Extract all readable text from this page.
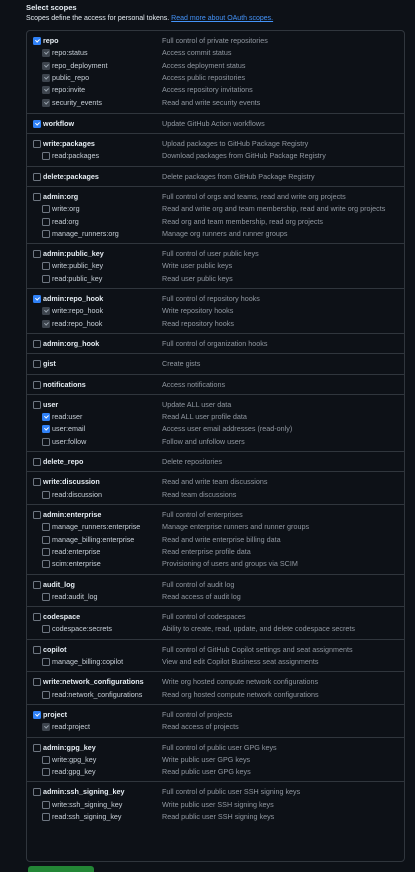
Select scopes
Scopes define the access for personal tokens. Read more about OAuth scopes.
repo	Full control of private repositories
repo:status	Access commit status
repo_deployment	Access deployment status
public_repo	Access public repositories
repo:invite	Access repository invitations
security_events	Read and write security events
workflow	Update GitHub Action workflows
write:packages	Upload packages to GitHub Package Registry
read:packages	Download packages from GitHub Package Registry
delete:packages	Delete packages from GitHub Package Registry
admin:org	Full control of orgs and teams, read and write org projects
write:org	Read and write org and team membership, read and write org projects
read:org	Read org and team membership, read org projects
manage_runners:org	Manage org runners and runner groups
admin:public_key	Full control of user public keys
write:public_key	Write user public keys
read:public_key	Read user public keys
admin:repo_hook	Full control of repository hooks
write:repo_hook	Write repository hooks
read:repo_hook	Read repository hooks
admin:org_hook	Full control of organization hooks
gist	Create gists
notifications	Access notifications
user	Update ALL user data
read:user	Read ALL user profile data
user:email	Access user email addresses (read-only)
user:follow	Follow and unfollow users
delete_repo	Delete repositories
write:discussion	Read and write team discussions
read:discussion	Read team discussions
admin:enterprise	Full control of enterprises
manage_runners:enterprise	Manage enterprise runners and runner groups
manage_billing:enterprise	Read and write enterprise billing data
read:enterprise	Read enterprise profile data
scim:enterprise	Provisioning of users and groups via SCIM
audit_log	Full control of audit log
read:audit_log	Read access of audit log
codespace	Full control of codespaces
codespace:secrets	Ability to create, read, update, and delete codespace secrets
copilot	Full control of GitHub Copilot settings and seat assignments
manage_billing:copilot	View and edit Copilot Business seat assignments
write:network_configurations	Write org hosted compute network configurations
read:network_configurations	Read org hosted compute network configurations
project	Full control of projects
read:project	Read access of projects
admin:gpg_key	Full control of public user GPG keys
write:gpg_key	Write public user GPG keys
read:gpg_key	Read public user GPG keys
admin:ssh_signing_key	Full control of public user SSH signing keys
write:ssh_signing_key	Write public user SSH signing keys
read:ssh_signing_key	Read public user SSH signing keys
